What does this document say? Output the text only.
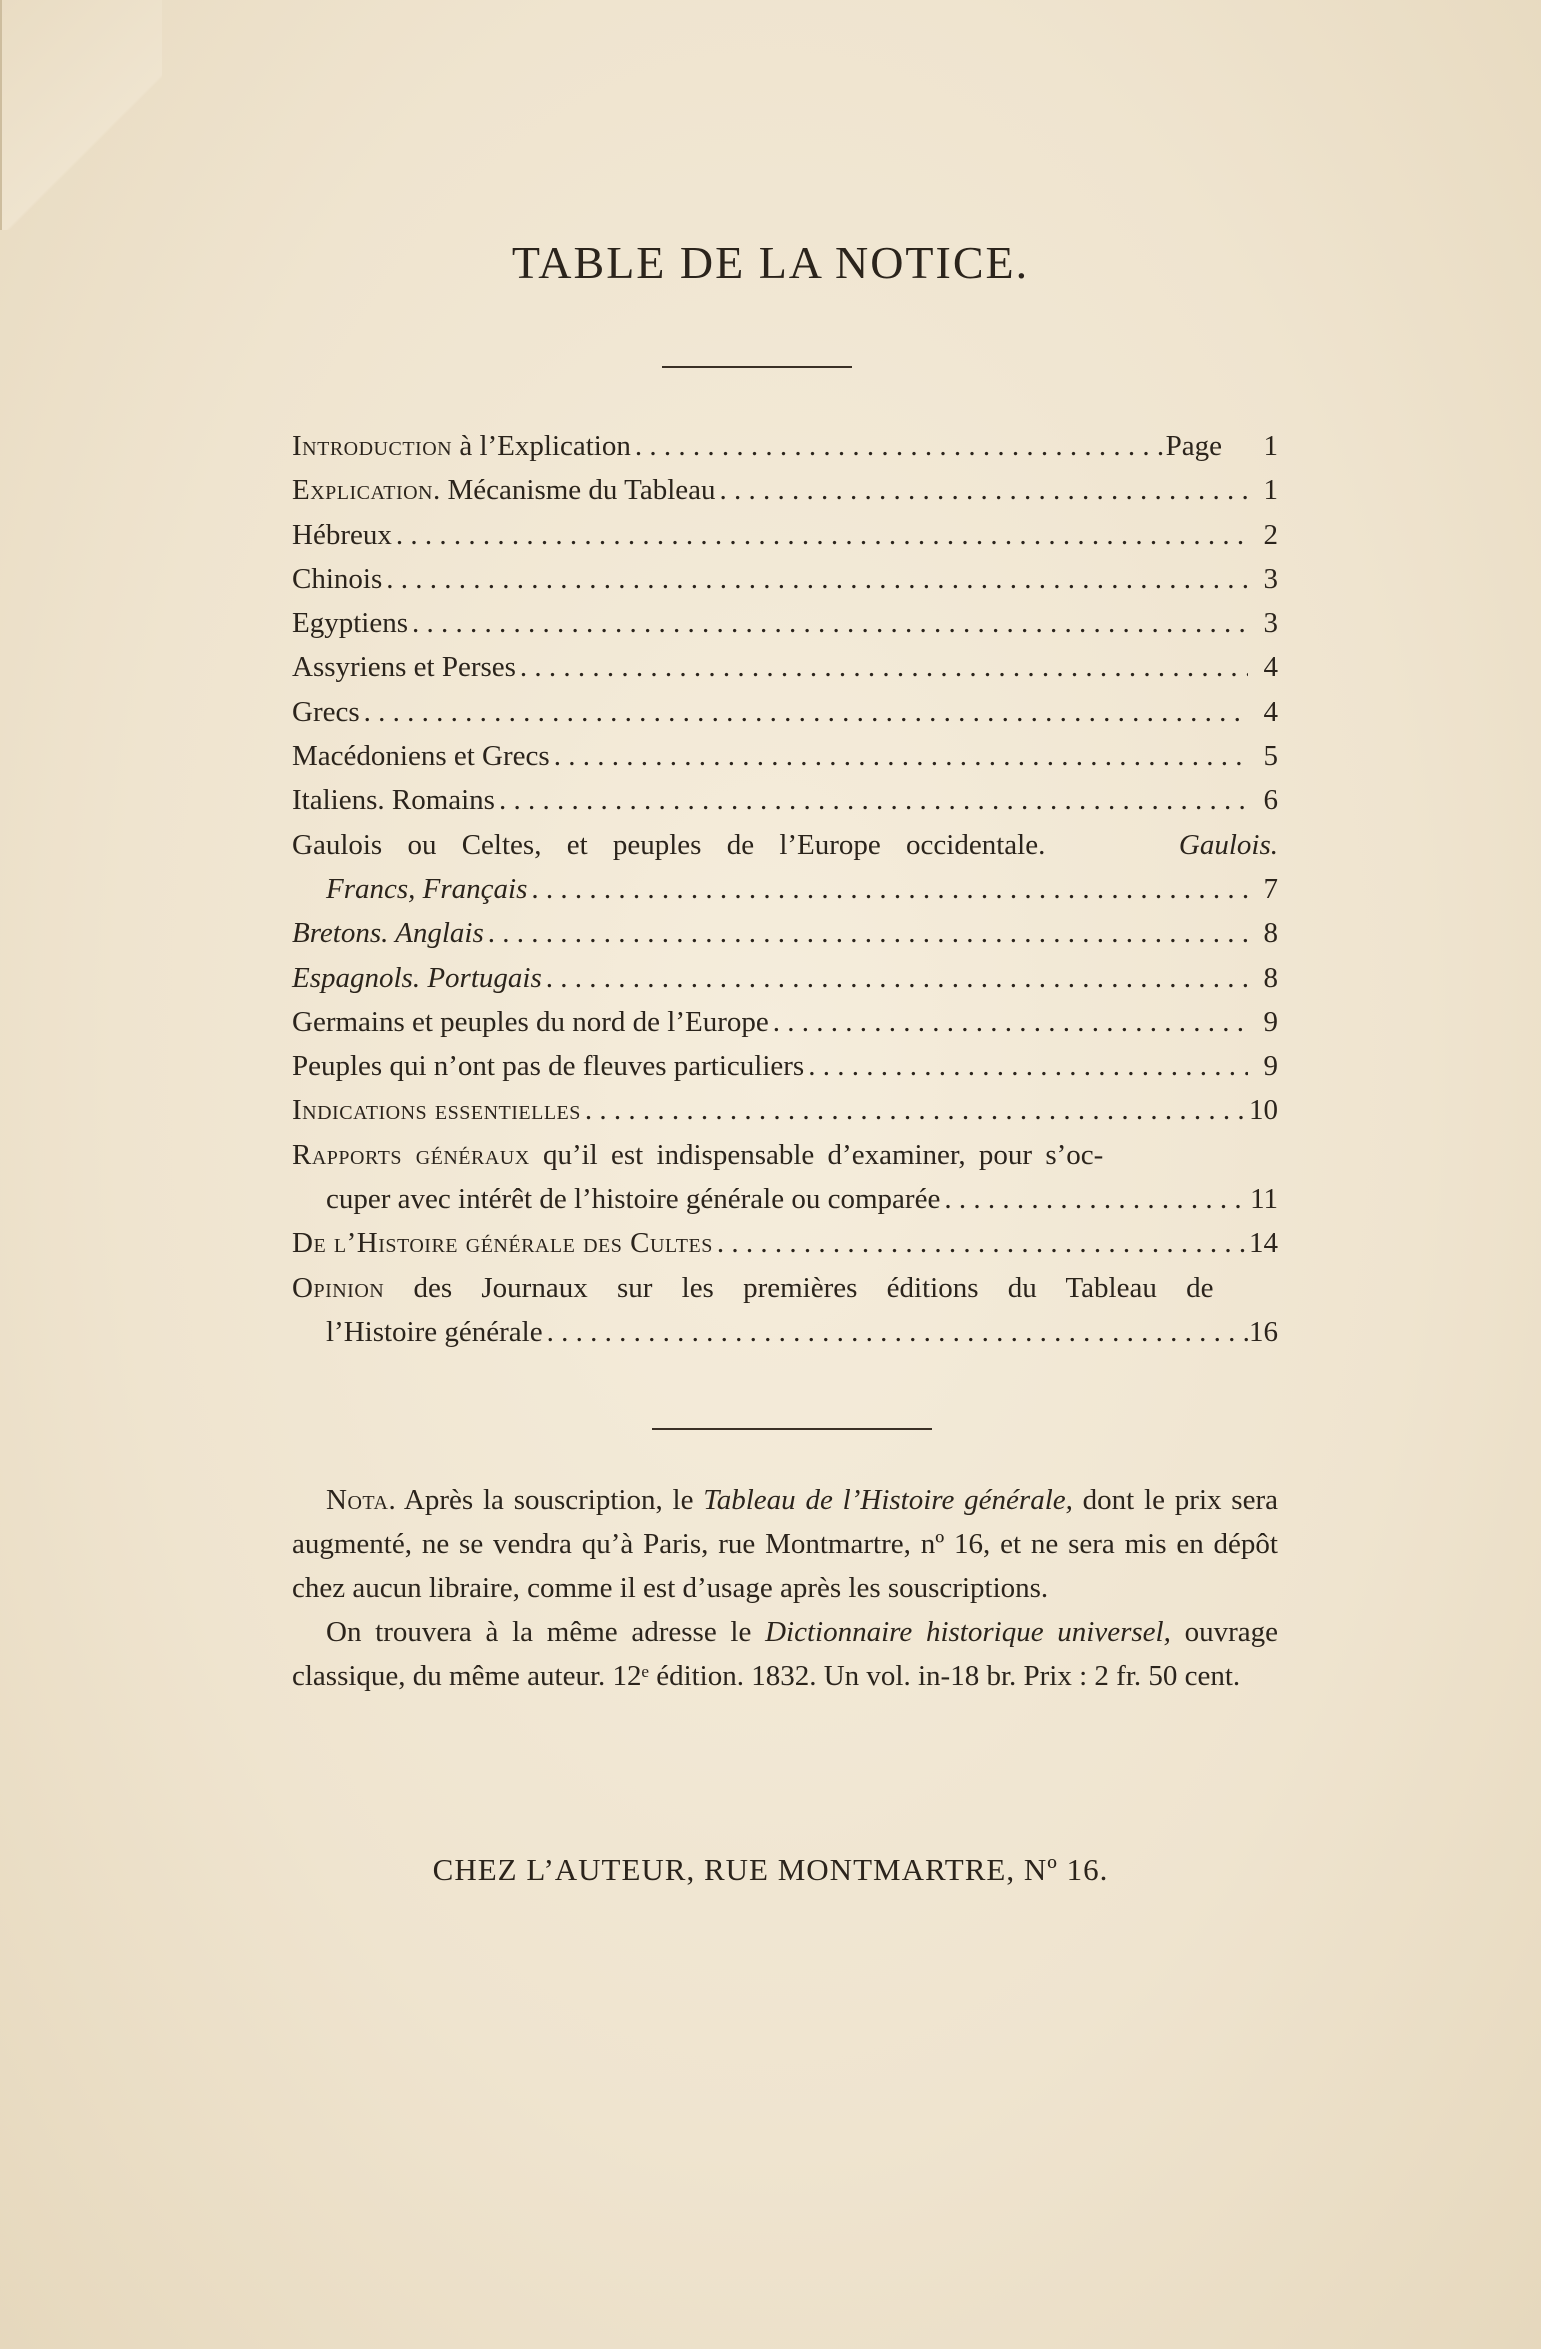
TABLE DE LA NOTICE.
Introduction à l’Explication . . .	Page	1
Explication. Mécanisme du Tableau . . .	1
Hébreux . . .	2
Chinois . . .	3
Egyptiens . . .	3
Assyriens et Perses . . .	4
Grecs . . .	4
Macédoniens et Grecs . . .	5
Italiens. Romains . . .	6
Gaulois ou Celtes, et peuples de l’Europe occidentale.	Gaulois.
Francs, Français . . .	7
Bretons. Anglais . . .	8
Espagnols. Portugais . . .	8
Germains et peuples du nord de l’Europe . . .	9
Peuples qui n’ont pas de fleuves particuliers . . .	9
Indications essentielles . . .	10
Rapports généraux qu’il est indispensable d’examiner, pour s’oc-
cuper avec intérêt de l’histoire générale ou comparée . . .	11
De l’Histoire générale des Cultes . . .	14
Opinion des Journaux sur les premières éditions du Tableau de
l’Histoire générale . . .	16

Nota. Après la souscription, le Tableau de l’Histoire générale, dont le prix sera augmenté, ne se vendra qu’à Paris, rue Montmartre, nº 16, et ne sera mis en dépôt chez aucun libraire, comme il est d’usage après les souscriptions.

On trouvera à la même adresse le Dictionnaire historique universel, ouvrage classique, du même auteur. 12ᵉ édition. 1832. Un vol. in-18 br. Prix : 2 fr. 50 cent.

CHEZ L’AUTEUR, RUE MONTMARTRE, Nº 16.
